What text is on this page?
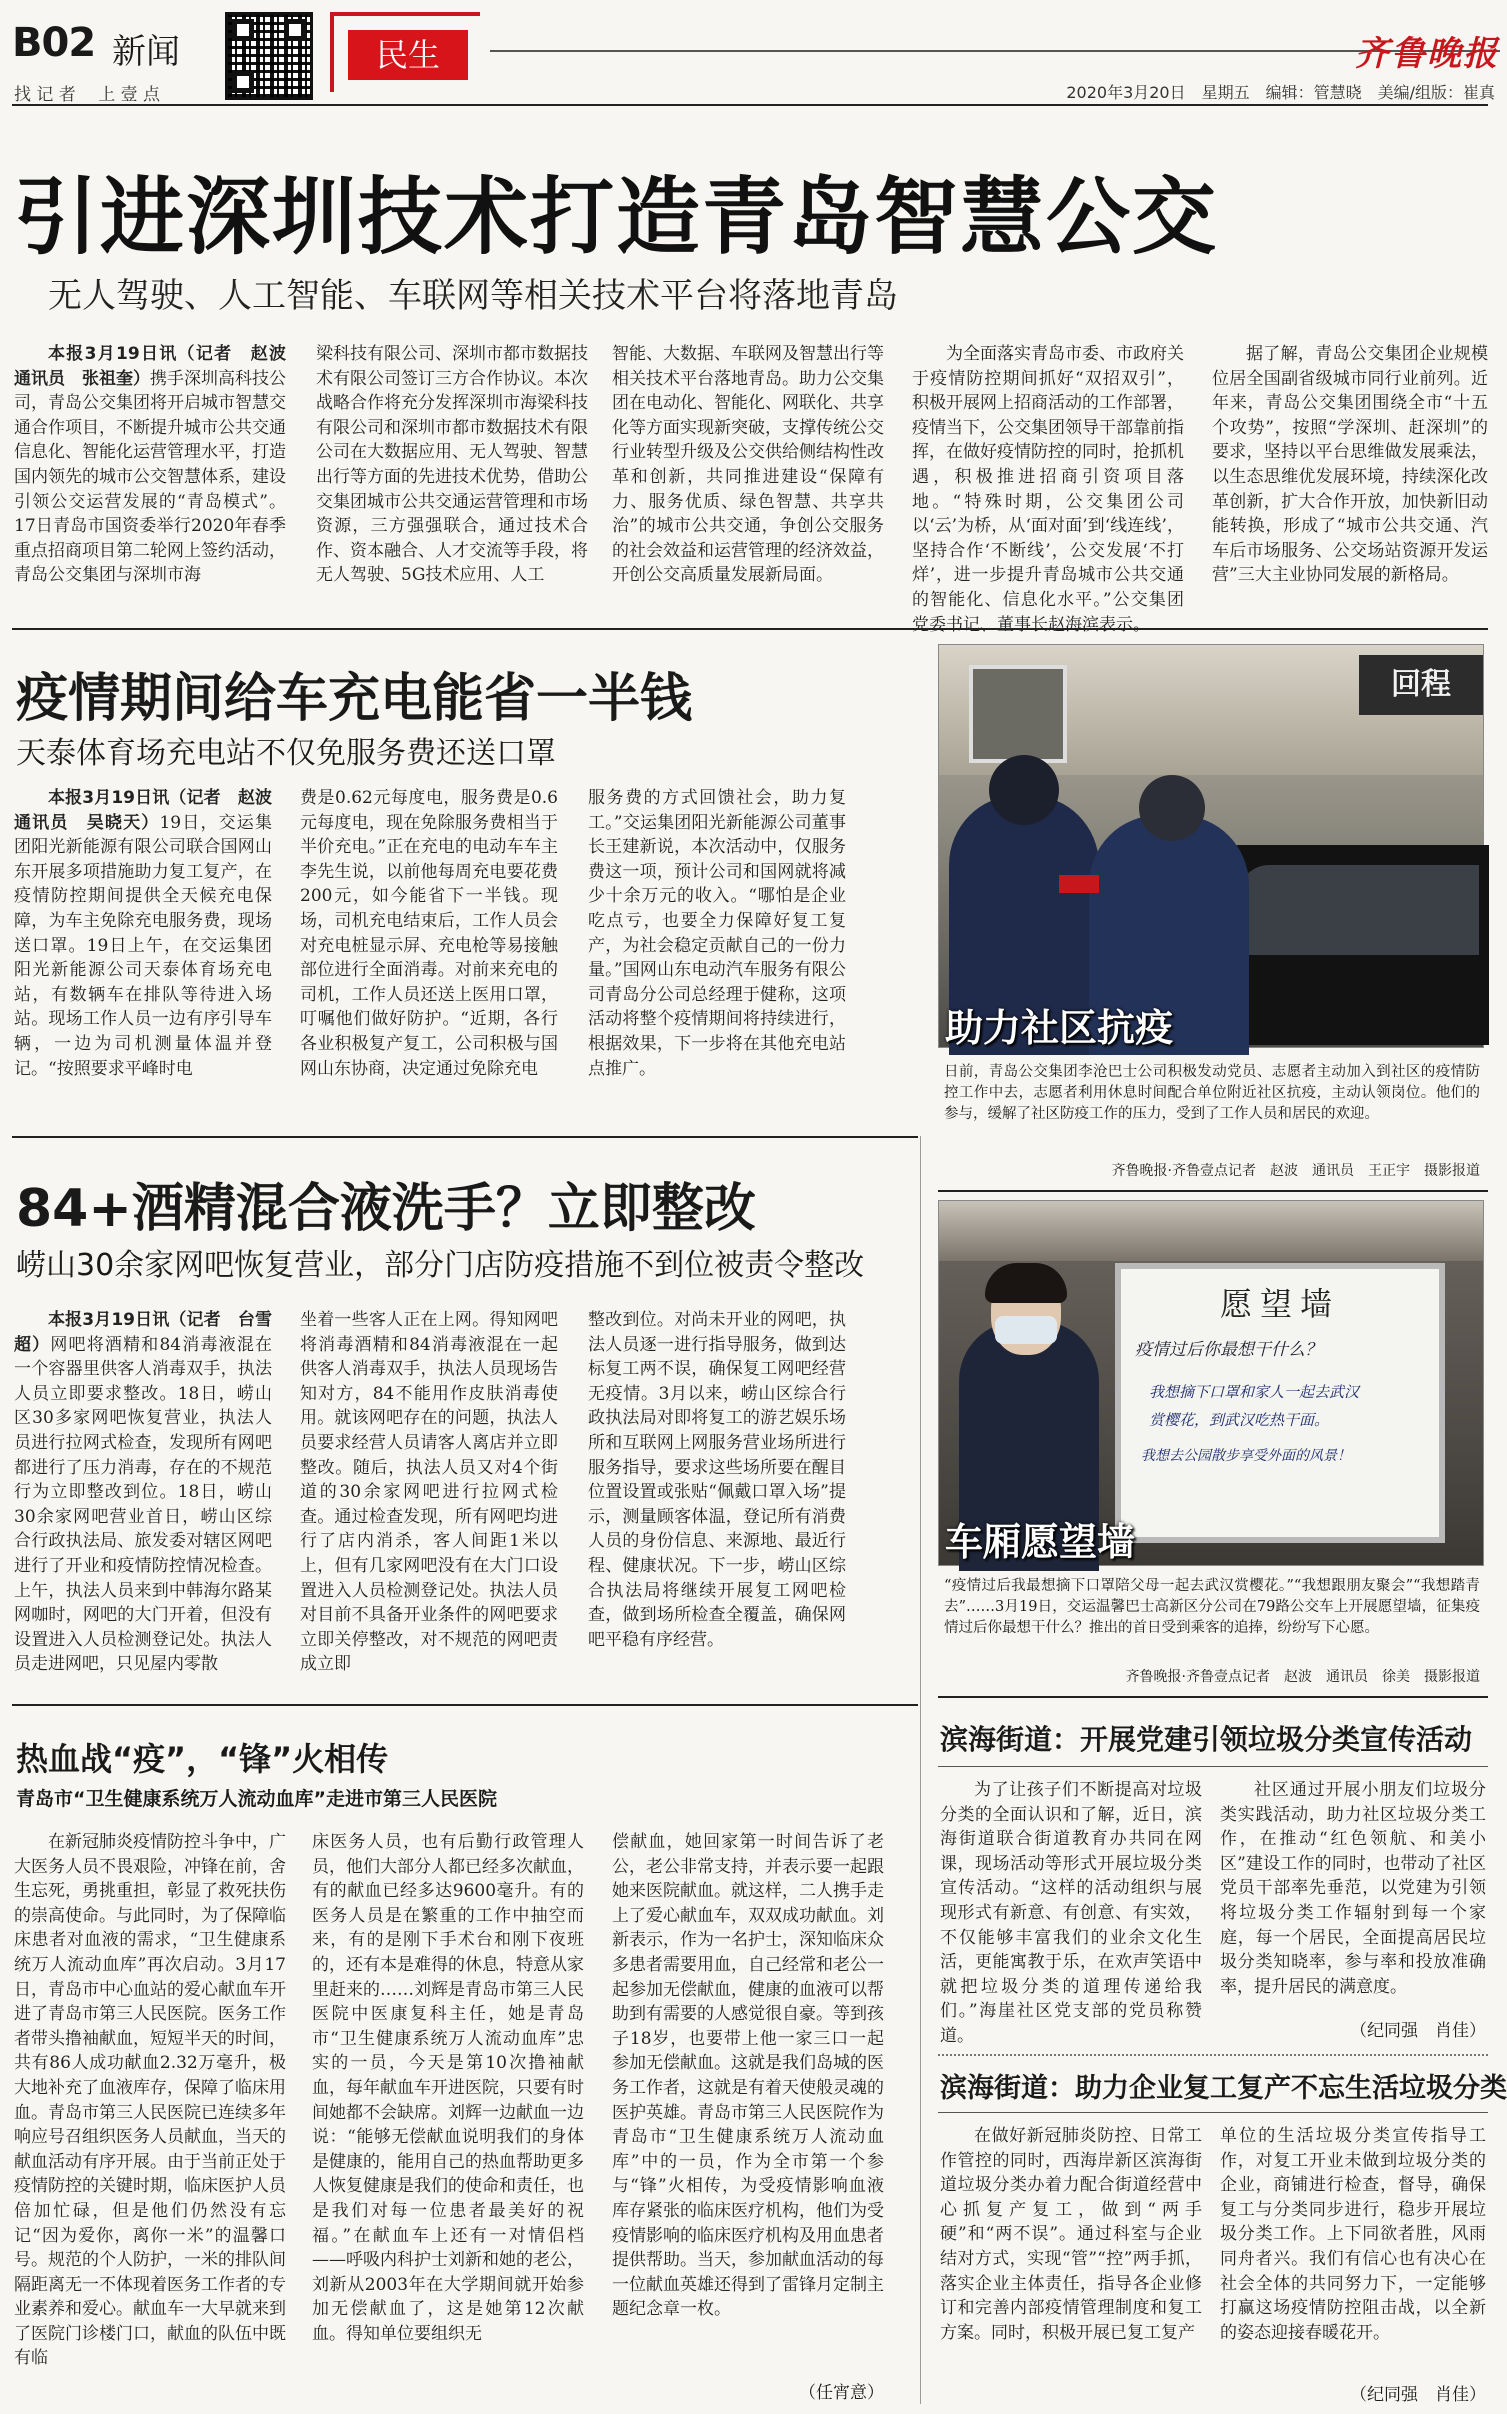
B02 新闻
找 记 者　 上 壹 点
民生	齐鲁晚报
2020年3月20日　星期五　编辑：管慧晓　美编/组版：崔真
引进深圳技术打造青岛智慧公交
无人驾驶、人工智能、车联网等相关技术平台将落地青岛

本报3月19日讯（记者　赵波　通讯员　张祖奎）携手深圳高科技公司，青岛公交集团将开启城市智慧交通合作项目，不断提升城市公共交通信息化、智能化运营管理水平，打造国内领先的城市公交智慧体系，建设引领公交运营发展的“青岛模式”。17日青岛市国资委举行2020年春季重点招商项目第二轮网上签约活动，青岛公交集团与深圳市海

梁科技有限公司、深圳市都市数据技术有限公司签订三方合作协议。本次战略合作将充分发挥深圳市海梁科技有限公司和深圳市都市数据技术有限公司在大数据应用、无人驾驶、智慧出行等方面的先进技术优势，借助公交集团城市公共交通运营管理和市场资源，三方强强联合，通过技术合作、资本融合、人才交流等手段，将无人驾驶、5G技术应用、人工

智能、大数据、车联网及智慧出行等相关技术平台落地青岛。助力公交集团在电动化、智能化、网联化、共享化等方面实现新突破，支撑传统公交行业转型升级及公交供给侧结构性改革和创新，共同推进建设“保障有力、服务优质、绿色智慧、共享共治”的城市公共交通，争创公交服务的社会效益和运营管理的经济效益，开创公交高质量发展新局面。

为全面落实青岛市委、市政府关于疫情防控期间抓好“双招双引”，积极开展网上招商活动的工作部署，疫情当下，公交集团领导干部靠前指挥，在做好疫情防控的同时，抢抓机遇，积极推进招商引资项目落地。“特殊时期，公交集团公司以‘云’为桥，从‘面对面’到‘线连线’，坚持合作‘不断线’，公交发展‘不打烊’，进一步提升青岛城市公共交通的智能化、信息化水平。”公交集团党委书记、董事长赵海滨表示。

据了解，青岛公交集团企业规模位居全国副省级城市同行业前列。近年来，青岛公交集团围绕全市“十五个攻势”，按照“学深圳、赶深圳”的要求，坚持以平台思维做发展乘法，以生态思维优发展环境，持续深化改革创新，扩大合作开放，加快新旧动能转换，形成了“城市公共交通、汽车后市场服务、公交场站资源开发运营”三大主业协同发展的新格局。

疫情期间给车充电能省一半钱
天泰体育场充电站不仅免服务费还送口罩

本报3月19日讯（记者　赵波　通讯员　吴晓天）19日，交运集团阳光新能源有限公司联合国网山东开展多项措施助力复工复产，在疫情防控期间提供全天候充电保障，为车主免除充电服务费，现场送口罩。19日上午，在交运集团阳光新能源公司天泰体育场充电站，有数辆车在排队等待进入场站。现场工作人员一边有序引导车辆，一边为司机测量体温并登记。“按照要求平峰时电

费是0.62元每度电，服务费是0.6元每度电，现在免除服务费相当于半价充电。”正在充电的电动车车主李先生说，以前他每周充电要花费200元，如今能省下一半钱。现场，司机充电结束后，工作人员会对充电桩显示屏、充电枪等易接触部位进行全面消毒。对前来充电的司机，工作人员还送上医用口罩，叮嘱他们做好防护。“近期，各行各业积极复产复工，公司积极与国网山东协商，决定通过免除充电

服务费的方式回馈社会，助力复工。”交运集团阳光新能源公司董事长王建新说，本次活动中，仅服务费这一项，预计公司和国网就将减少十余万元的收入。“哪怕是企业吃点亏，也要全力保障好复工复产，为社会稳定贡献自己的一份力量。”国网山东电动汽车服务有限公司青岛分公司总经理于健称，这项活动将整个疫情期间将持续进行，根据效果，下一步将在其他充电站点推广。

回程
助力社区抗疫
日前，青岛公交集团李沧巴士公司积极发动党员、志愿者主动加入到社区的疫情防控工作中去，志愿者利用休息时间配合单位附近社区抗疫，主动认领岗位。他们的参与，缓解了社区防疫工作的压力，受到了工作人员和居民的欢迎。
齐鲁晚报·齐鲁壹点记者　赵波　通讯员　王正宇　摄影报道
84+酒精混合液洗手？立即整改
崂山30余家网吧恢复营业，部分门店防疫措施不到位被责令整改

本报3月19日讯（记者　台雪超）网吧将酒精和84消毒液混在一个容器里供客人消毒双手，执法人员立即要求整改。18日，崂山区30多家网吧恢复营业，执法人员进行拉网式检查，发现所有网吧都进行了压力消毒，存在的不规范行为立即整改到位。18日，崂山30余家网吧营业首日，崂山区综合行政执法局、旅发委对辖区网吧进行了开业和疫情防控情况检查。上午，执法人员来到中韩海尔路某网咖时，网吧的大门开着，但没有设置进入人员检测登记处。执法人员走进网吧，只见屋内零散

坐着一些客人正在上网。得知网吧将消毒酒精和84消毒液混在一起供客人消毒双手，执法人员现场告知对方，84不能用作皮肤消毒使用。就该网吧存在的问题，执法人员要求经营人员请客人离店并立即整改。随后，执法人员又对4个街道的30余家网吧进行拉网式检查。通过检查发现，所有网吧均进行了店内消杀，客人间距1米以上，但有几家网吧没有在大门口设置进入人员检测登记处。执法人员对目前不具备开业条件的网吧要求立即关停整改，对不规范的网吧责成立即

整改到位。对尚未开业的网吧，执法人员逐一进行指导服务，做到达标复工两不误，确保复工网吧经营无疫情。3月以来，崂山区综合行政执法局对即将复工的游艺娱乐场所和互联网上网服务营业场所进行服务指导，要求这些场所要在醒目位置设置或张贴“佩戴口罩入场”提示，测量顾客体温，登记所有消费人员的身份信息、来源地、最近行程、健康状况。下一步，崂山区综合执法局将继续开展复工网吧检查，做到场所检查全覆盖，确保网吧平稳有序经营。

愿望墙
疫情过后你最想干什么？
我想摘下口罩和家人一起去武汉
赏樱花，到武汉吃热干面。
我想去公园散步享受外面的风景！
车厢愿望墙
“疫情过后我最想摘下口罩陪父母一起去武汉赏樱花。”“我想跟朋友聚会”“我想踏青去”……3月19日，交运温馨巴士高新区分公司在79路公交车上开展愿望墙，征集疫情过后你最想干什么？推出的首日受到乘客的追捧，纷纷写下心愿。
齐鲁晚报·齐鲁壹点记者　赵波　通讯员　徐美　摄影报道
热血战“疫”，“锋”火相传
青岛市“卫生健康系统万人流动血库”走进市第三人民医院

在新冠肺炎疫情防控斗争中，广大医务人员不畏艰险，冲锋在前，舍生忘死，勇挑重担，彰显了救死扶伤的崇高使命。与此同时，为了保障临床患者对血液的需求，“卫生健康系统万人流动血库”再次启动。3月17日，青岛市中心血站的爱心献血车开进了青岛市第三人民医院。医务工作者带头撸袖献血，短短半天的时间，共有86人成功献血2.32万毫升，极大地补充了血液库存，保障了临床用血。青岛市第三人民医院已连续多年响应号召组织医务人员献血，当天的献血活动有序开展。由于当前正处于疫情防控的关键时期，临床医护人员倍加忙碌，但是他们仍然没有忘记“因为爱你，离你一米”的温馨口号。规范的个人防护，一米的排队间隔距离无一不体现着医务工作者的专业素养和爱心。献血车一大早就来到了医院门诊楼门口，献血的队伍中既有临

床医务人员，也有后勤行政管理人员，他们大部分人都已经多次献血，有的献血已经多达9600毫升。有的医务人员是在繁重的工作中抽空而来，有的是刚下手术台和刚下夜班的，还有本是难得的休息，特意从家里赶来的……刘辉是青岛市第三人民医院中医康复科主任，她是青岛市“卫生健康系统万人流动血库”忠实的一员，今天是第10次撸袖献血，每年献血车开进医院，只要有时间她都不会缺席。刘辉一边献血一边说：“能够无偿献血说明我们的身体是健康的，能用自己的热血帮助更多人恢复健康是我们的使命和责任，也是我们对每一位患者最美好的祝福。”在献血车上还有一对情侣档——呼吸内科护士刘新和她的老公，刘新从2003年在大学期间就开始参加无偿献血了，这是她第12次献血。得知单位要组织无

偿献血，她回家第一时间告诉了老公，老公非常支持，并表示要一起跟她来医院献血。就这样，二人携手走上了爱心献血车，双双成功献血。刘新表示，作为一名护士，深知临床众多患者需要用血，自己经常和老公一起参加无偿献血，健康的血液可以帮助到有需要的人感觉很自豪。等到孩子18岁，也要带上他一家三口一起参加无偿献血。这就是我们岛城的医务工作者，这就是有着天使般灵魂的医护英雄。青岛市第三人民医院作为青岛市“卫生健康系统万人流动血库”中的一员，作为全市第一个参与“锋”火相传，为受疫情影响血液库存紧张的临床医疗机构，他们为受疫情影响的临床医疗机构及用血患者提供帮助。当天，参加献血活动的每一位献血英雄还得到了雷锋月定制主题纪念章一枚。

（任宵意）
滨海街道：开展党建引领垃圾分类宣传活动

为了让孩子们不断提高对垃圾分类的全面认识和了解，近日，滨海街道联合街道教育办共同在网课，现场活动等形式开展垃圾分类宣传活动。“这样的活动组织与展现形式有新意、有创意、有实效，不仅能够丰富我们的业余文化生活，更能寓教于乐，在欢声笑语中就把垃圾分类的道理传递给我们。”海崖社区党支部的党员称赞道。

社区通过开展小朋友们垃圾分类实践活动，助力社区垃圾分类工作，在推动“红色领航、和美小区”建设工作的同时，也带动了社区党员干部率先垂范，以党建为引领将垃圾分类工作辐射到每一个家庭，每一个居民，全面提高居民垃圾分类知晓率，参与率和投放准确率，提升居民的满意度。

（纪同强　肖佳）
滨海街道：助力企业复工复产不忘生活垃圾分类

在做好新冠肺炎防控、日常工作管控的同时，西海岸新区滨海街道垃圾分类办着力配合街道经营中心抓复产复工，做到“两手硬”和“两不误”。通过科室与企业结对方式，实现“管”“控”两手抓，落实企业主体责任，指导各企业修订和完善内部疫情管理制度和复工方案。同时，积极开展已复工复产

单位的生活垃圾分类宣传指导工作，对复工开业未做到垃圾分类的企业，商铺进行检查，督导，确保复工与分类同步进行，稳步开展垃圾分类工作。上下同欲者胜，风雨同舟者兴。我们有信心也有决心在社会全体的共同努力下，一定能够打赢这场疫情防控阻击战，以全新的姿态迎接春暖花开。

（纪同强　肖佳）
